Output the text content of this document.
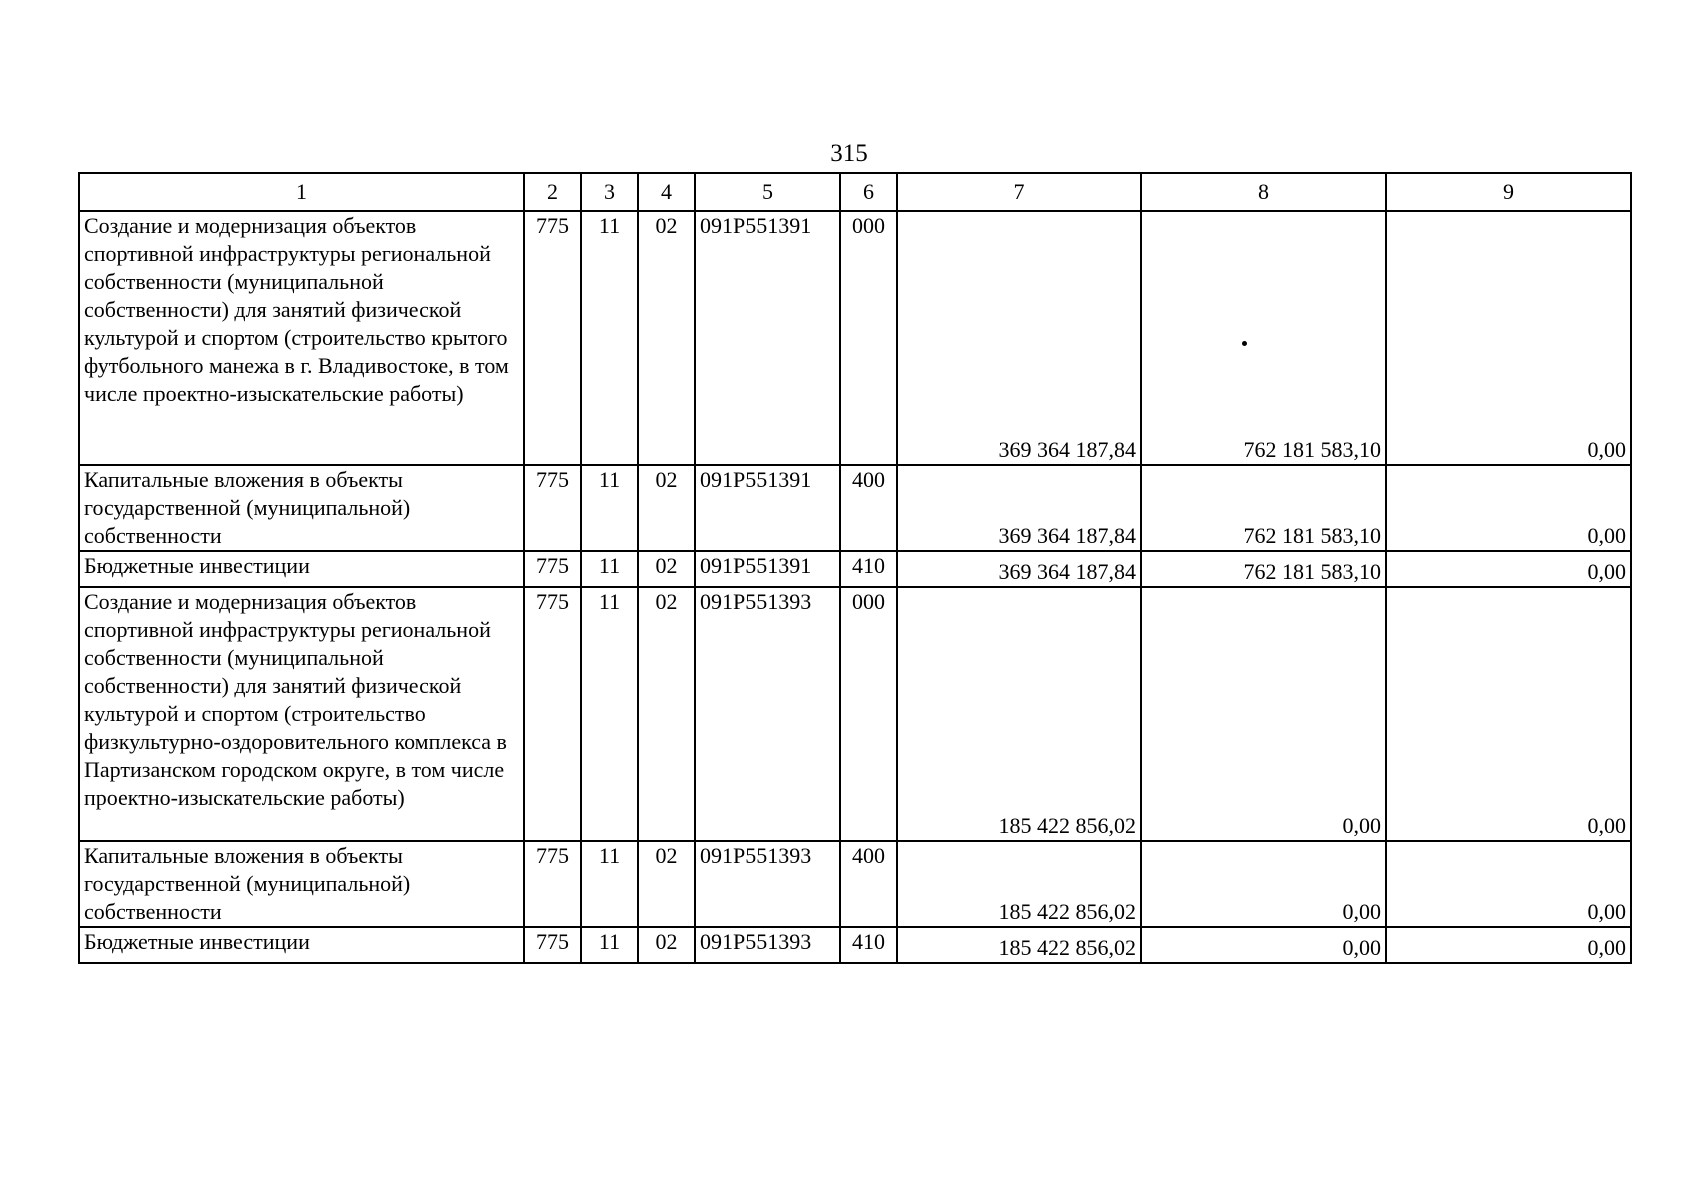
315
1	2	3	4	5	6	7	8	9
Создание и модернизация объектов спортивной инфраструктуры региональной собственности (муниципальной собственности) для занятий физической культурой и спортом (строительство крытого футбольного манежа в г. Владивостоке, в том числе проектно-изыскательские работы)	775	11	02	091P551391	000	369 364 187,84	762 181 583,10	0,00
Капитальные вложения в объекты государственной (муниципальной) собственности	775	11	02	091P551391	400	369 364 187,84	762 181 583,10	0,00
Бюджетные инвестиции	775	11	02	091P551391	410	369 364 187,84	762 181 583,10	0,00
Создание и модернизация объектов спортивной инфраструктуры региональной собственности (муниципальной собственности) для занятий физической культурой и спортом (строительство физкультурно-оздоровительного комплекса в Партизанском городском округе, в том числе проектно-изыскательские работы)	775	11	02	091P551393	000	185 422 856,02	0,00	0,00
Капитальные вложения в объекты государственной (муниципальной) собственности	775	11	02	091P551393	400	185 422 856,02	0,00	0,00
Бюджетные инвестиции	775	11	02	091P551393	410	185 422 856,02	0,00	0,00
